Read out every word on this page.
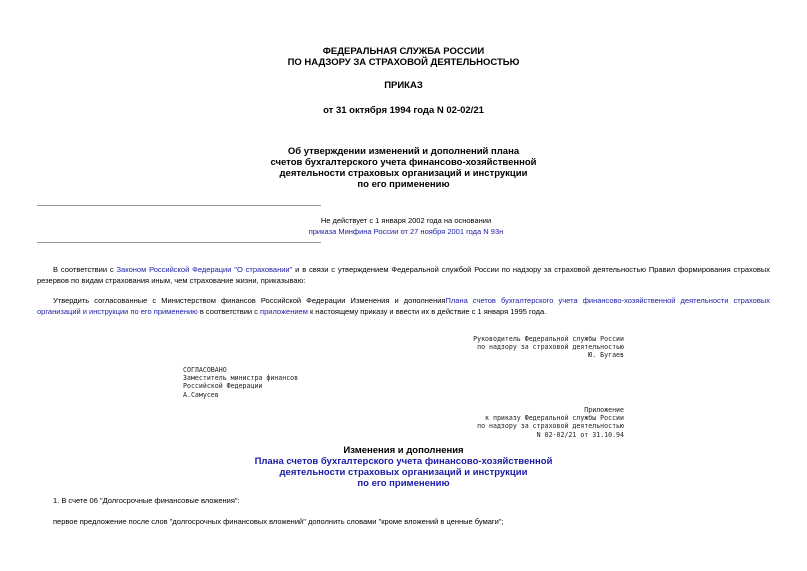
ФЕДЕРАЛЬНАЯ СЛУЖБА РОССИИ
ПО НАДЗОРУ ЗА СТРАХОВОЙ ДЕЯТЕЛЬНОСТЬЮ
ПРИКАЗ
от 31 октября 1994 года N 02-02/21
Об утверждении изменений и дополнений плана
счетов бухгалтерского учета финансово-хозяйственной
деятельности страховых организаций и инструкции
по его применению
Не действует с 1 января 2002 года на основании
приказа Минфина России от 27 ноября 2001 года N 93н
В соответствии с Законом Российской Федерации "О страховании" и в связи с утверждением Федеральной службой России по надзору за страховой деятельностью Правил формирования страховых резервов по видам страхования иным, чем страхование жизни, приказываю:
Утвердить согласованные с Министерством финансов Российской Федерации Изменения и дополненияПлана счетов бухгалтерского учета финансово-хозяйственной деятельности страховых организаций и инструкции по его применению в соответствии с приложением к настоящему приказу и ввести их в действие с 1 января 1995 года.
Руководитель Федеральной службы России
по надзору за страховой деятельностью
Ю. Бугаев
СОГЛАСОВАНО
Заместитель министра финансов
Российской Федерации
А.Самусев
Приложение
к приказу Федеральной службы России
по надзору за страховой деятельностью
N 02-02/21 от 31.10.94
Изменения и дополнения
Плана счетов бухгалтерского учета финансово-хозяйственной
деятельности страховых организаций и инструкции
по его применению
1. В счете 06 "Долгосрочные финансовые вложения":
первое предложение после слов "долгосрочных финансовых вложений" дополнить словами "кроме вложений в ценные бумаги";
